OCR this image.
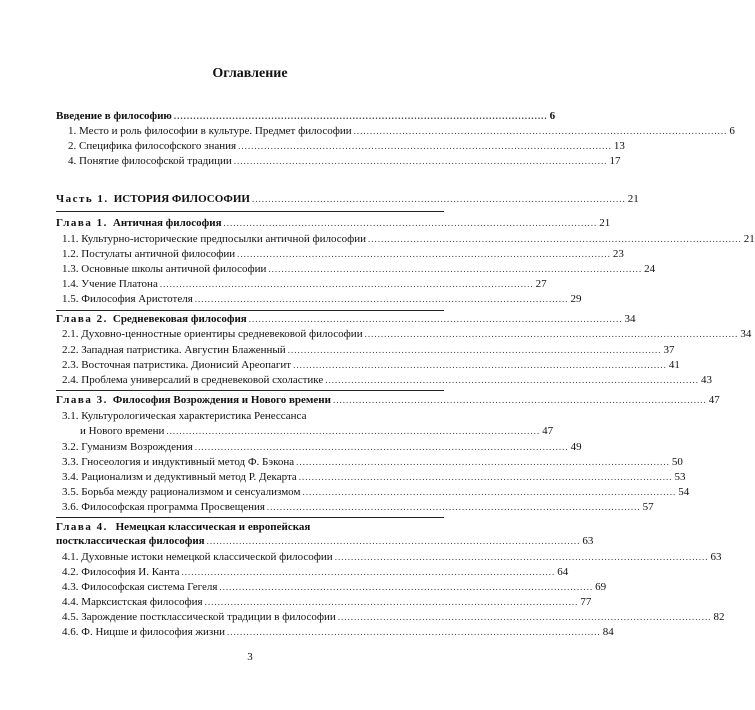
Оглавление
Введение в философию ................................................................................................................... 6
1. Место и роль философии в культуре. Предмет философии ................................................................................................................... 6
2. Специфика философского знания ................................................................................................................... 13
4. Понятие философской традиции ................................................................................................................... 17
Часть 1. ИСТОРИЯ ФИЛОСОФИИ ................................................................................................................... 21
Глава 1. Античная философия ................................................................................................................... 21
1.1. Культурно-исторические предпосылки античной философии ................................................................................................................... 21
1.2. Постулаты античной философии ................................................................................................................... 23
1.3. Основные школы античной философии ................................................................................................................... 24
1.4. Учение Платона ................................................................................................................... 27
1.5. Философия Аристотеля ................................................................................................................... 29
Глава 2. Средневековая философия ................................................................................................................... 34
2.1. Духовно-ценностные ориентиры средневековой философии ................................................................................................................... 34
2.2. Западная патристика. Августин Блаженный ................................................................................................................... 37
2.3. Восточная патристика. Дионисий Ареопагит ................................................................................................................... 41
2.4. Проблема универсалий в средневековой схоластике ................................................................................................................... 43
Глава 3. Философия Возрождения и Нового времени ................................................................................................................... 47
3.1. Культурологическая характеристика Ренессанса
и Нового времени ................................................................................................................... 47
3.2. Гуманизм Возрождения ................................................................................................................... 49
3.3. Гносеология и индуктивный метод Ф. Бэкона ................................................................................................................... 50
3.4. Рационализм и дедуктивный метод Р. Декарта ................................................................................................................... 53
3.5. Борьба между рационализмом и сенсуализмом ................................................................................................................... 54
3.6. Философская программа Просвещения ................................................................................................................... 57
Глава 4. Немецкая классическая и европейская
постклассическая философия ................................................................................................................... 63
4.1. Духовные истоки немецкой классической философии ................................................................................................................... 63
4.2. Философия И. Канта ................................................................................................................... 64
4.3. Философская система Гегеля ................................................................................................................... 69
4.4. Марксистская философия ................................................................................................................... 77
4.5. Зарождение постклассической традиции в философии ................................................................................................................... 82
4.6. Ф. Ницше и философия жизни ................................................................................................................... 84
3
